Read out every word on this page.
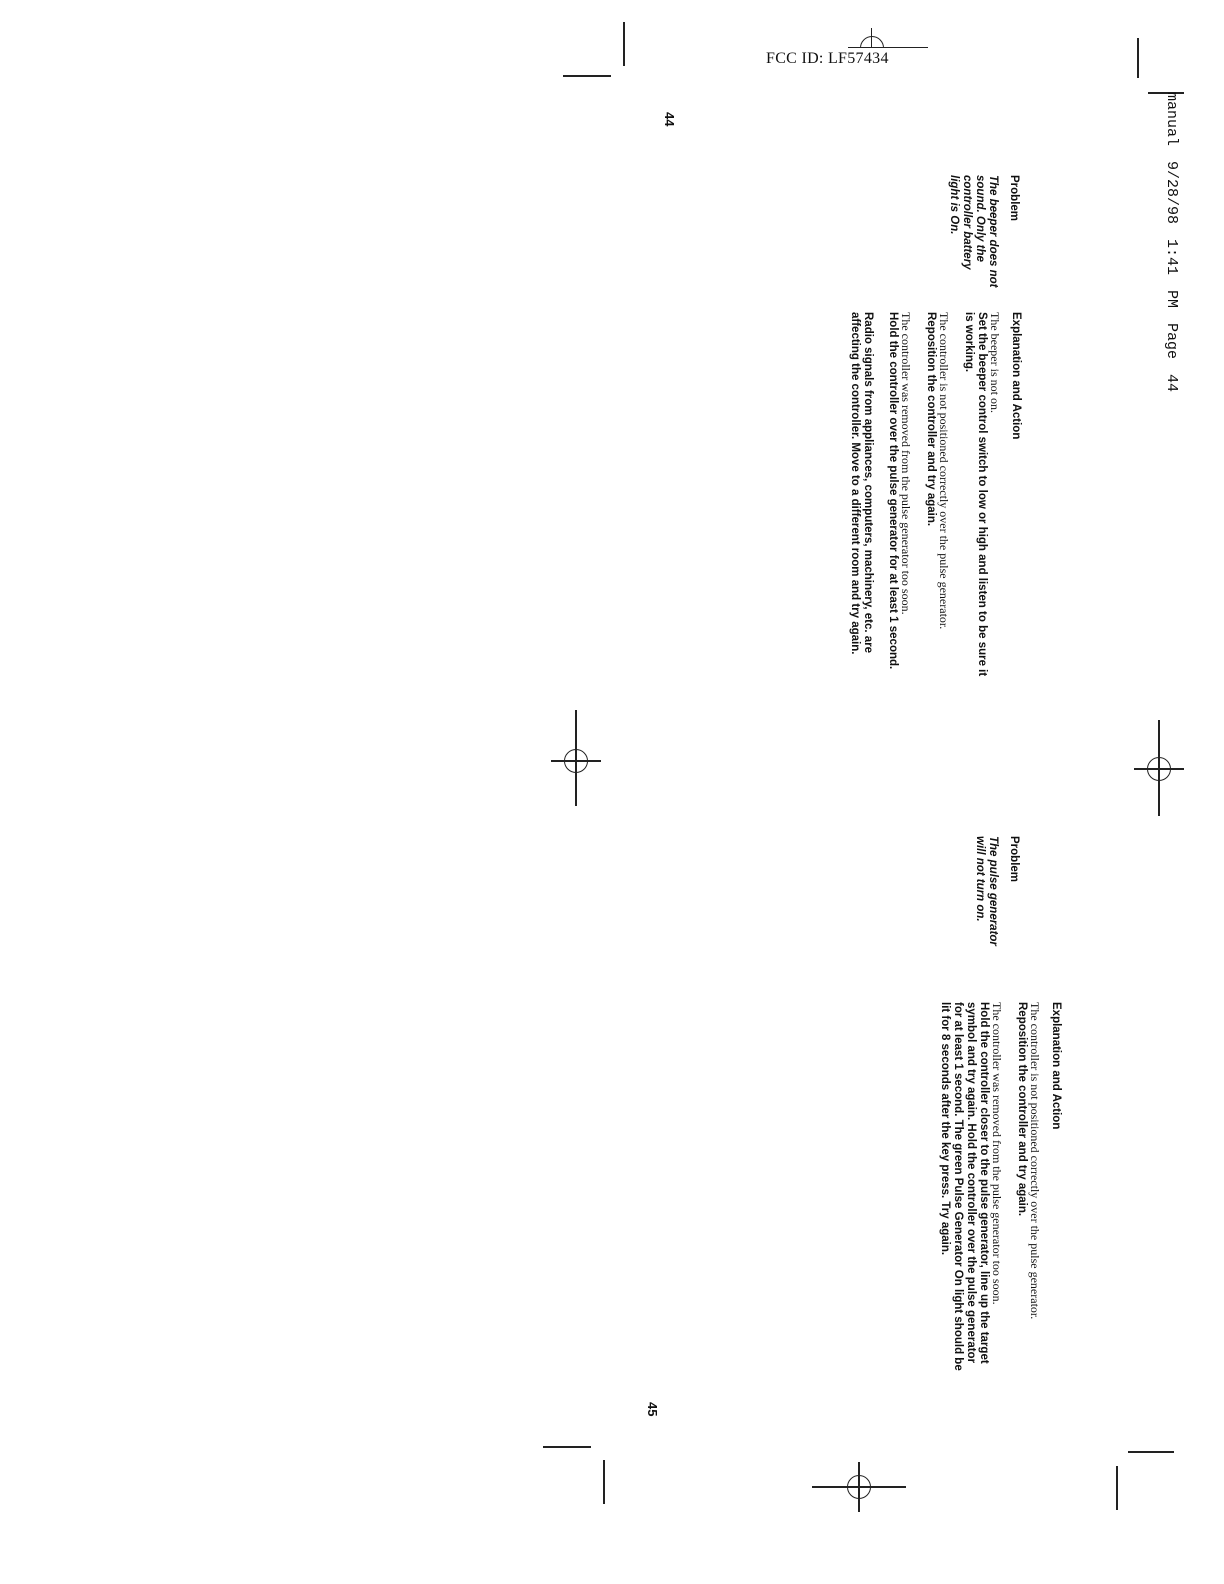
FCC ID: LF57434
manual 9/28/98 1:41 PM Page 44
44
45
Problem
The beeper does not sound. Only the controller battery light is On.
Explanation and Action
The beeper is not on.
Set the beeper control switch to low or high and listen to be sure it is working.
The controller is not positioned correctly over the pulse generator.
Reposition the controller and try again.
The controller was removed from the pulse generator too soon.
Hold the controller over the pulse generator for at least 1 second.
Radio signals from appliances, computers, machinery, etc. are affecting the controller. Move to a different room and try again.
Problem
The pulse generator will not turn on.
Explanation and Action
The controller is not positioned correctly over the pulse generator.
Reposition the controller and try again.
The controller was removed from the pulse generator too soon.
Hold the controller closer to the pulse generator, line up the target symbol and try again. Hold the controller over the pulse generator for at least 1 second. The green Pulse Generator On light should be lit for 8 seconds after the key press. Try again.
